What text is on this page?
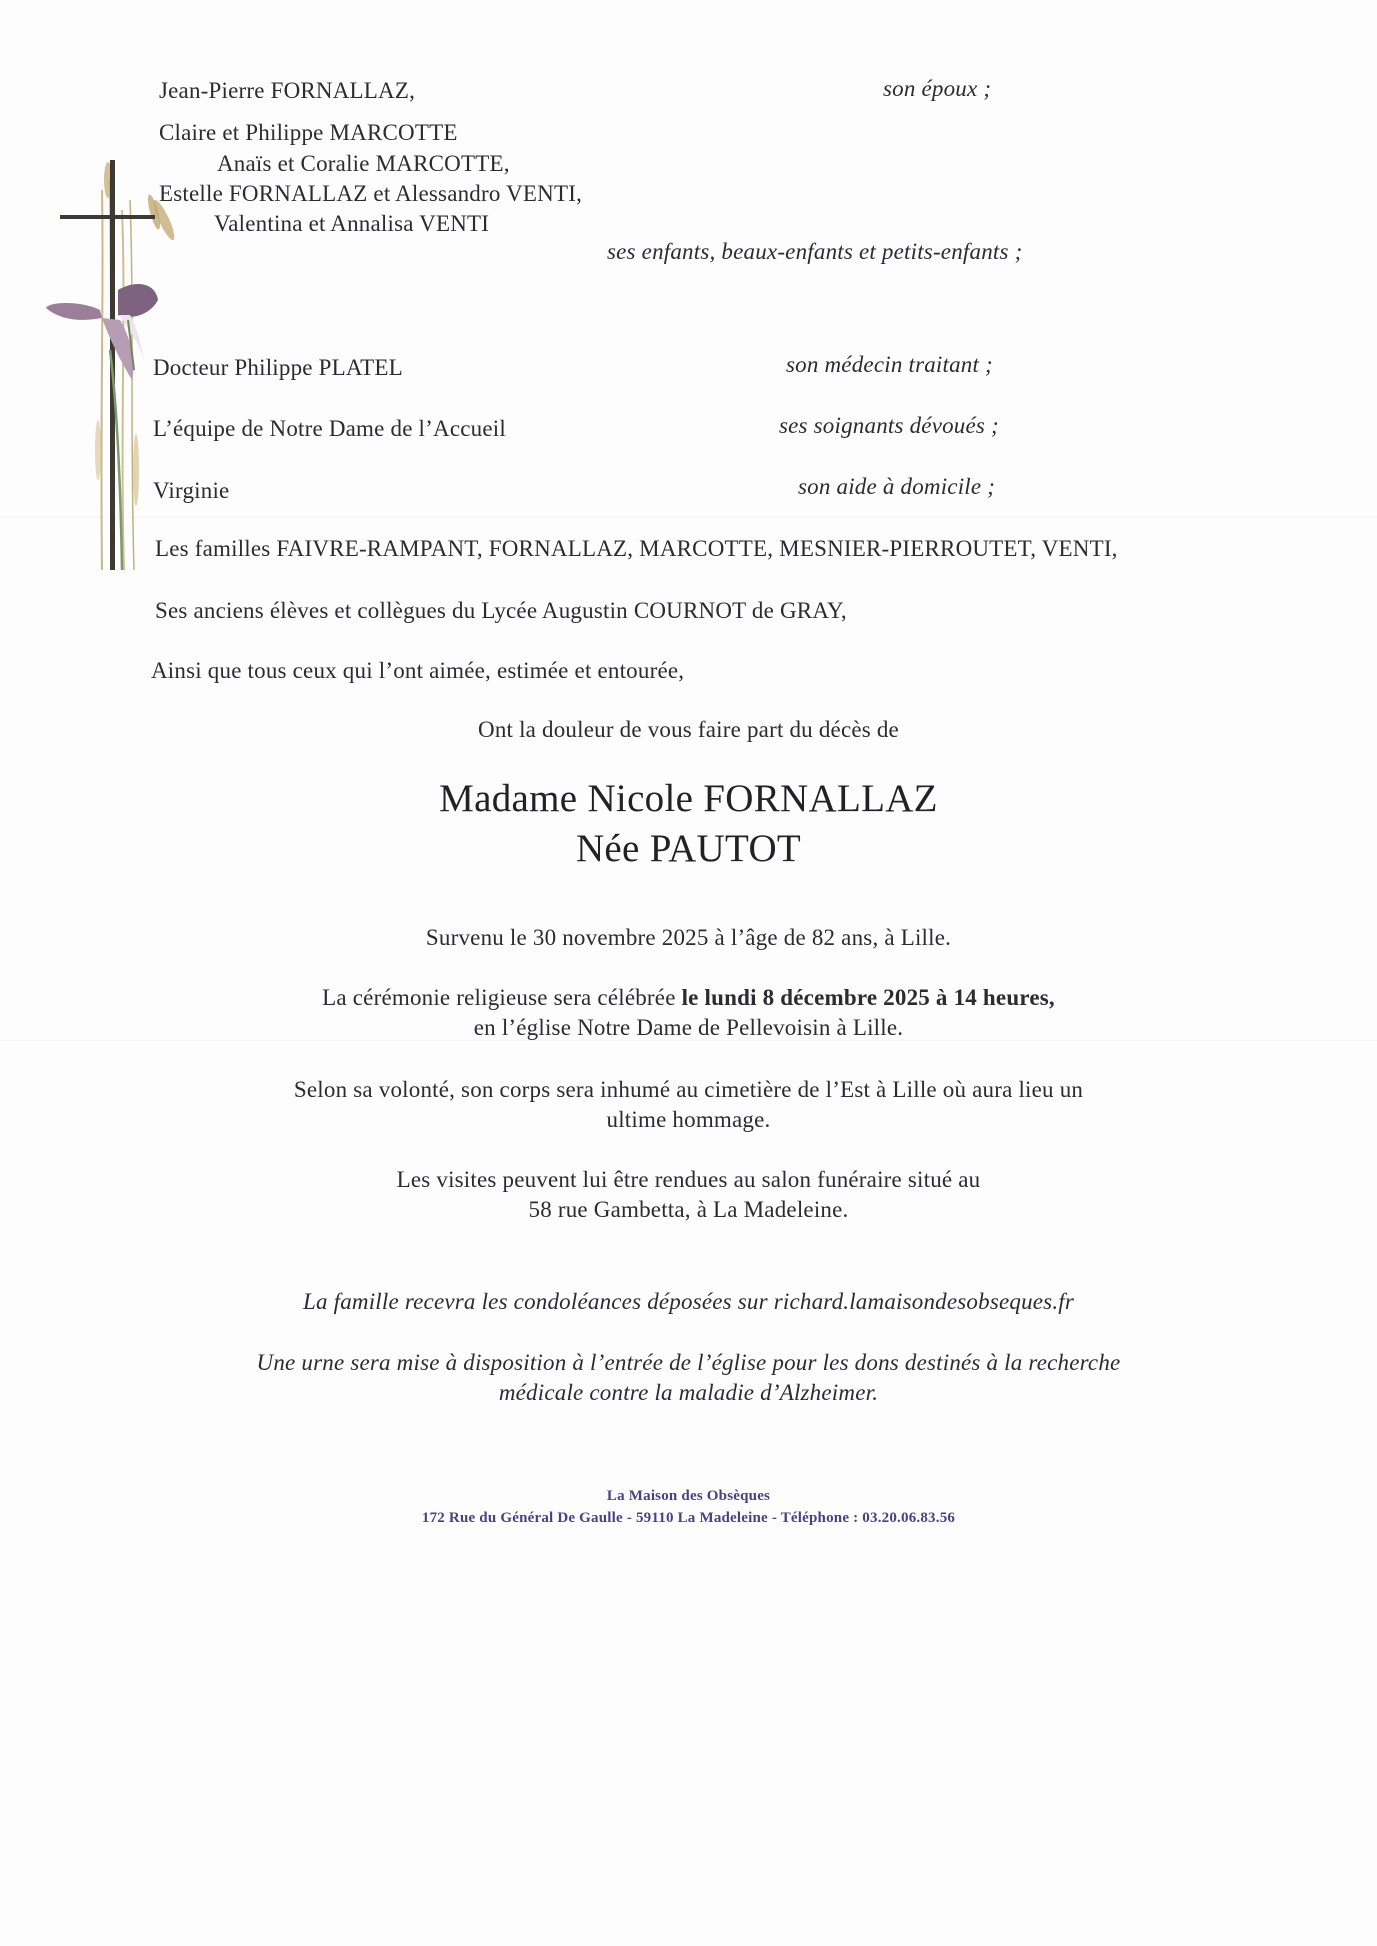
Jean-Pierre FORNALLAZ,	son époux ;
Claire et Philippe MARCOTTE
Anaïs et Coralie MARCOTTE,
Estelle FORNALLAZ et Alessandro VENTI,
Valentina et Annalisa VENTI
ses enfants, beaux-enfants et petits-enfants ;
Docteur Philippe PLATEL	son médecin traitant ;
L’équipe de Notre Dame de l’Accueil	ses soignants dévoués ;
Virginie	son aide à domicile ;
Les familles FAIVRE-RAMPANT, FORNALLAZ, MARCOTTE, MESNIER-PIERROUTET, VENTI,
Ses anciens élèves et collègues du Lycée Augustin COURNOT de GRAY,
Ainsi que tous ceux qui l’ont aimée, estimée et entourée,
Ont la douleur de vous faire part du décès de
Madame Nicole FORNALLAZ
Née PAUTOT
Survenu le 30 novembre 2025 à l’âge de 82 ans, à Lille.
La cérémonie religieuse sera célébrée le lundi 8 décembre 2025 à 14 heures,
en l’église Notre Dame de Pellevoisin à Lille.
Selon sa volonté, son corps sera inhumé au cimetière de l’Est à Lille où aura lieu un
ultime hommage.
Les visites peuvent lui être rendues au salon funéraire situé au
58 rue Gambetta, à La Madeleine.
La famille recevra les condoléances déposées sur richard.lamaisondesobseques.fr
Une urne sera mise à disposition à l’entrée de l’église pour les dons destinés à la recherche
médicale contre la maladie d’Alzheimer.
La Maison des Obsèques
172 Rue du Général De Gaulle - 59110 La Madeleine - Téléphone : 03.20.06.83.56
